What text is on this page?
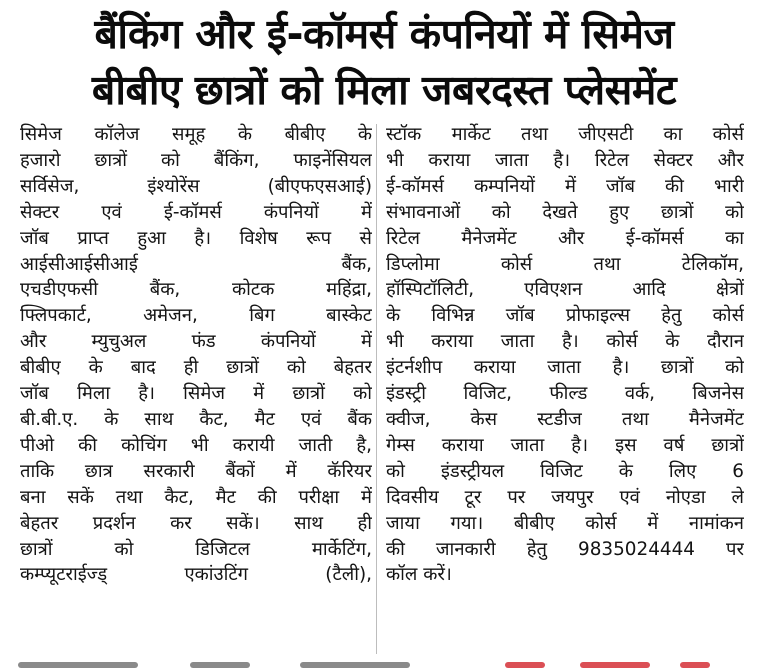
बैंकिंग और ई-कॉमर्स कंपनियों में सिमेज
बीबीए छात्रों को मिला जबरदस्त प्लेसमेंट
सिमेज कॉलेज समूह के बीबीए के
हजारो छात्रों को बैंकिंग, फाइनेंसियल
सर्विसेज, इंश्योरेंस (बीएफएसआई)
सेक्टर एवं ई-कॉमर्स कंपनियों में
जॉब प्राप्त हुआ है। विशेष रूप से
आईसीआईसीआई बैंक,
एचडीएफसी बैंक, कोटक महिंद्रा,
फ्लिपकार्ट, अमेजन, बिग बास्केट
और म्युचुअल फंड कंपनियों में
बीबीए के बाद ही छात्रों को बेहतर
जॉब मिला है। सिमेज में छात्रों को
बी.बी.ए. के साथ कैट, मैट एवं बैंक
पीओ की कोचिंग भी करायी जाती है,
ताकि छात्र सरकारी बैंकों में कॅरियर
बना सकें तथा कैट, मैट की परीक्षा में
बेहतर प्रदर्शन कर सकें। साथ ही
छात्रों को डिजिटल मार्केटिंग,
कम्प्यूटराईज्ड् एकांउटिंग (टैली),
स्टॉक मार्केट तथा जीएसटी का कोर्स
भी कराया जाता है। रिटेल सेक्टर और
ई-कॉमर्स कम्पनियों में जॉब की भारी
संभावनाओं को देखते हुए छात्रों को
रिटेल मैनेजमेंट और ई-कॉमर्स का
डिप्लोमा कोर्स तथा टेलिकॉम,
हॉस्पिटॉलिटी, एविएशन आदि क्षेत्रों
के विभिन्न जॉब प्रोफाइल्स हेतु कोर्स
भी कराया जाता है। कोर्स के दौरान
इंटर्नशीप कराया जाता है। छात्रों को
इंडस्ट्री विजिट, फील्ड वर्क, बिजनेस
क्वीज, केस स्टडीज तथा मैनेजमेंट
गेम्स कराया जाता है। इस वर्ष छात्रों
को इंडस्ट्रीयल विजिट के लिए 6
दिवसीय टूर पर जयपुर एवं नोएडा ले
जाया गया। बीबीए कोर्स में नामांकन
की जानकारी हेतु 9835024444 पर
कॉल करें।
